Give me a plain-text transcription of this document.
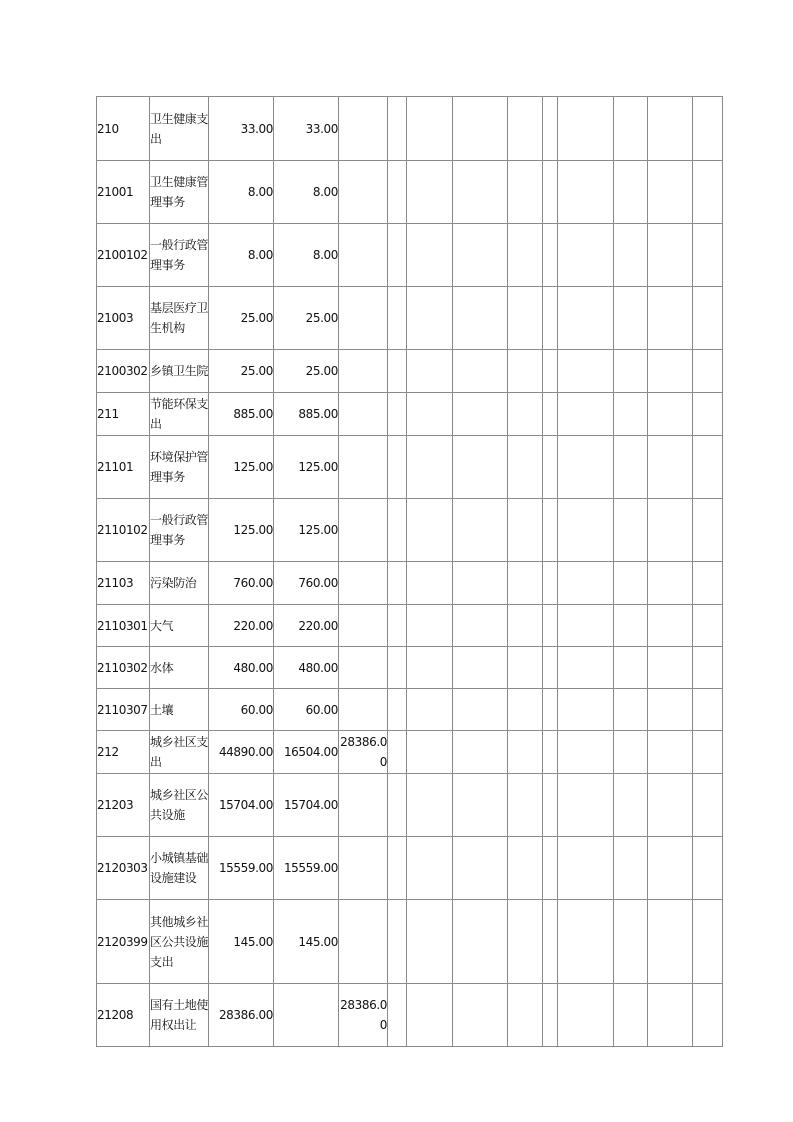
210	卫生健康支出	33.00	33.00										
21001	卫生健康管理事务	8.00	8.00										
2100102	一般行政管理事务	8.00	8.00										
21003	基层医疗卫生机构	25.00	25.00										
2100302	乡镇卫生院	25.00	25.00										
211	节能环保支出	885.00	885.00										
21101	环境保护管理事务	125.00	125.00										
2110102	一般行政管理事务	125.00	125.00										
21103	污染防治	760.00	760.00										
2110301	大气	220.00	220.00										
2110302	水体	480.00	480.00										
2110307	土壤	60.00	60.00										
212	城乡社区支出	44890.00	16504.00	28386.00									
21203	城乡社区公共设施	15704.00	15704.00										
2120303	小城镇基础设施建设	15559.00	15559.00										
2120399	其他城乡社区公共设施支出	145.00	145.00										
21208	国有土地使用权出让	28386.00		28386.00									
